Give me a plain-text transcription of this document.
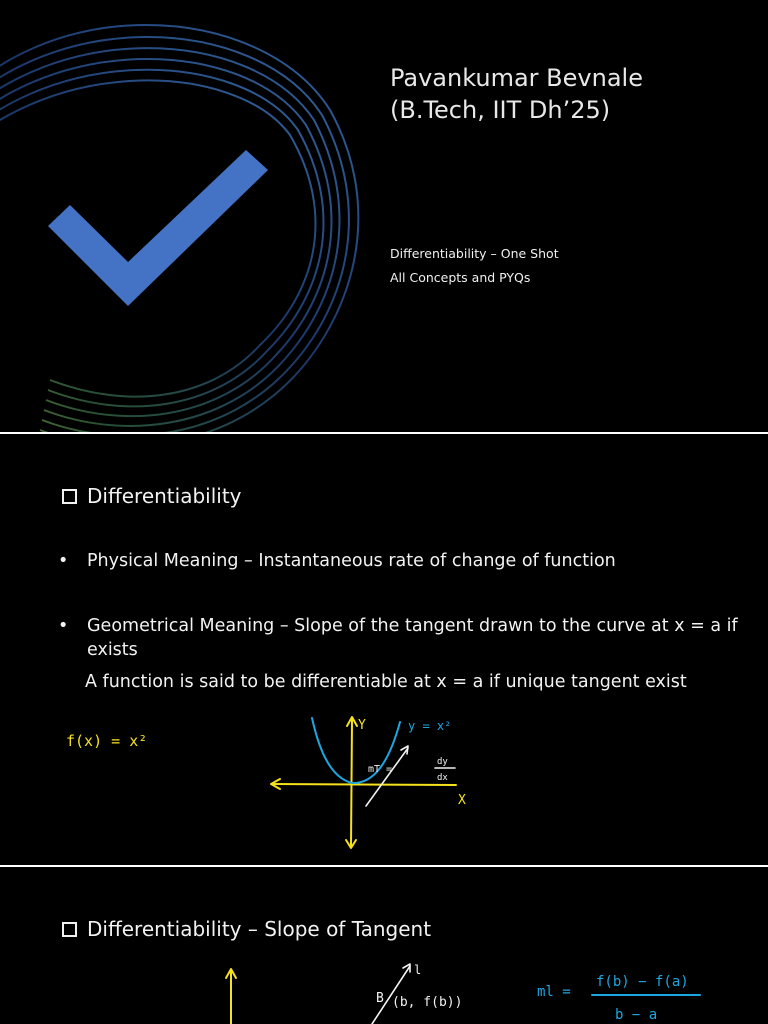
Pavankumar Bevnale
(B.Tech, IIT Dh’25)
Differentiability – One Shot
All Concepts and PYQs
Differentiability
• Physical Meaning – Instantaneous rate of change of function
• Geometrical Meaning – Slope of the tangent drawn to the curve at x = a if exists
A function is said to be differentiable at x = a if unique tangent exist
f(x) = x²
Y
X
y = x²
mT =
dy
dx
Differentiability – Slope of Tangent
l
B (b, f(b))
ml =
f(b) − f(a)
b − a
